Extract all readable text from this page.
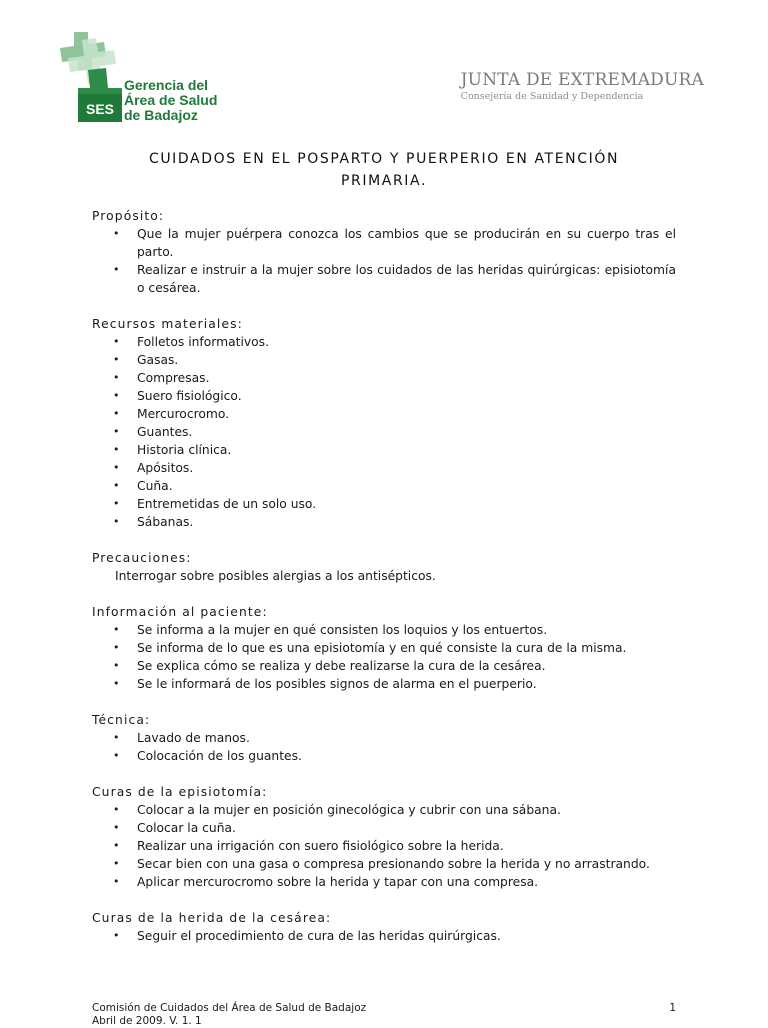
SES
Gerencia del
Área de Salud
de Badajoz
JUNTA DE EXTREMADURA
Consejería de Sanidad y Dependencia
CUIDADOS EN EL POSPARTO Y PUERPERIO EN ATENCIÓN
PRIMARIA.

Propósito:

• Que la mujer puérpera conozca los cambios que se producirán en su cuerpo tras el parto.
• Realizar e instruir a la mujer sobre los cuidados de las heridas quirúrgicas: episiotomía o cesárea.

Recursos materiales:

• Folletos informativos.
• Gasas.
• Compresas.
• Suero fisiológico.
• Mercurocromo.
• Guantes.
• Historia clínica.
• Apósitos.
• Cuña.
• Entremetidas de un solo uso.
• Sábanas.

Precauciones:

Interrogar sobre posibles alergias a los antisépticos.

Información al paciente:

• Se informa a la mujer en qué consisten los loquios y los entuertos.
• Se informa de lo que es una episiotomía y en qué consiste la cura de la misma.
• Se explica cómo se realiza y debe realizarse la cura de la cesárea.
• Se le informará de los posibles signos de alarma en el puerperio.

Técnica:

• Lavado de manos.
• Colocación de los guantes.

Curas de la episiotomía:

• Colocar a la mujer en posición ginecológica y cubrir con una sábana.
• Colocar la cuña.
• Realizar una irrigación con suero fisiológico sobre la herida.
• Secar bien con una gasa o compresa presionando sobre la herida y no arrastrando.
• Aplicar mercurocromo sobre la herida y tapar con una compresa.

Curas de la herida de la cesárea:

• Seguir el procedimiento de cura de las heridas quirúrgicas.
Comisión de Cuidados del Área de Salud de Badajoz
Abril de 2009. V. 1. 1
1
